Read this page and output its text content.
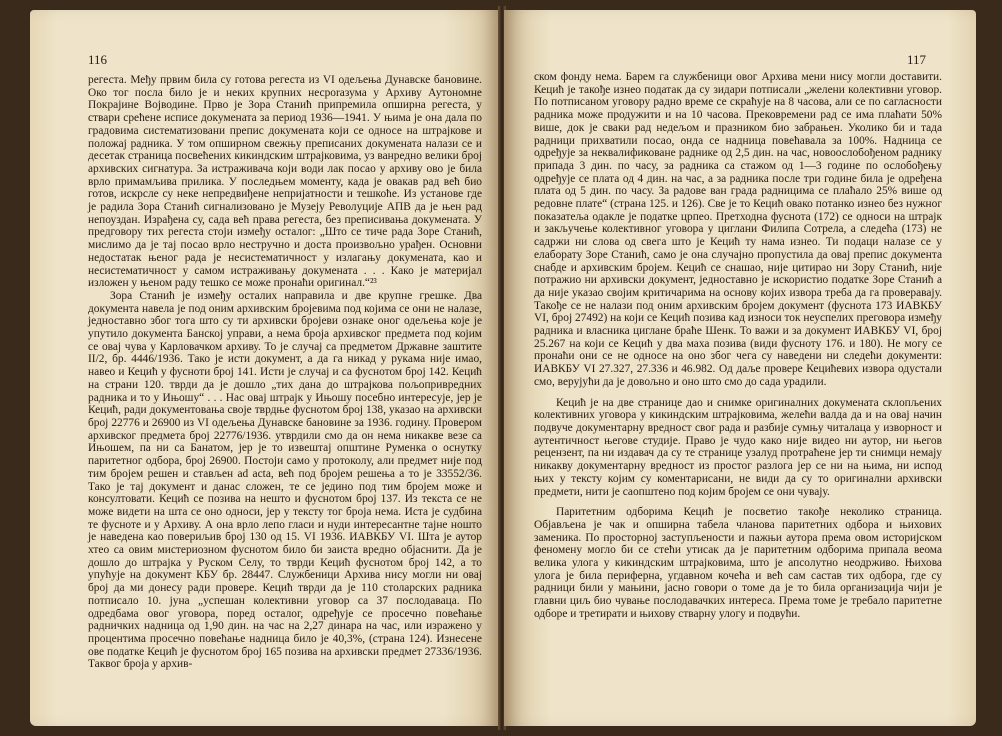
116

регеста. Међу првим била су готова регеста из VI одељења Дунавске бановине. Око тог посла било је и неких крупних несporазума у Архиву Аутономне Покрајине Војводине. Прво је Зора Станић припремила опширна регеста, у ствари срећене исписе докумената за период 1936—1941. У њима је она дала по градовима систематизовани препис докумената који се односе на штрајкове и положај радника. У том опширном свежњу преписаних докумената налази се и десетак страница посвећених кикиндским штрајковима, уз ванредно велики број архивских сигнатура. За истраживача који води лак посао у архиву ово је била врло примамљива прилика. У последњем моменту, када је овакав рад већ био готов, искрсле су неке непредвиђене неприjатности и тешкоће. Из установе где је радила Зора Станић сигнализовано је Музеју Револуције АПВ да је њен рад непоуздан. Израђена су, сада већ права регеста, без преписивања докумената. У предговору тих регеста стоји између осталог: „Што се тиче рада Зоре Станић, мислимо да је тај посао врло нестручно и доста произвољно урађен. Основни недостатак њеног рада је несистематичност у излагању докумената, као и несистематичност у самом истраживању докумената . . . Како је материјал изложен у њеном раду тешко се може пронаћи оригинал.“²³

Зора Станић је између осталих направила и две крупне грешке. Два документа навела је под оним архивским бројевима под којима се они не налазе, једноставно због тога што су ти архивски бројеви ознаке оног одељења које је упутило документа Банској управи, а нема броја архивског предмета под којим се овај чува у Карловачком архиву. То је случај са предметом Државне заштите II/2, бр. 4446/1936. Тако је исти документ, а да га никад у рукама није имао, навео и Кецић у фусноти број 141. Исти је случај и са фуснотом број 142. Кецић на страни 120. тврди да је дошло „тих дана до штрајкова пољопривредних радника и то у Ињошу“ . . . Нас овај штрајк у Ињошу посебно интересује, јер је Кецић, ради документовања своје тврдње фуснотом број 138, указао на архивски број 22776 и 26900 из VI одељења Дунавске бановине за 1936. годину. Провером архивског предмета број 22776/1936. утврдили смо да он нема никакве везе са Ињошем, па ни са Банатом, јер је то извештај општине Руменка о оснутку паритетног одбора, број 26900. Постоји само у протоколу, али предмет није под тим бројем решен и стављен ad acta, већ под бројем решења а то је 33552/36. Тако је тај документ и данас сложен, те се једино под тим бројем може и консултовати. Кецић се позива на нешто и фуснотом број 137. Из текста се не може видети на шта се оно односи, јер у тексту тог броја нема. Иста је судбина те фусноте и у Архиву. А она врло лепо гласи и нуди интересантне тајне ношто је наведена као повериљив број 130 од 15. VI 1936. ИАВКБУ VI. Шта је аутор хтео са овим мистериозном фуснотом било би заиста вредно објаснити. Да је дошло до штрајка у Руском Селу, то тврди Кецић фуснотом број 142, а то упућује на документ КБУ бр. 28447. Службеници Архива нису могли ни овај број да ми донесу ради провере. Кецић тврди да је 110 столарских радника потписало 10. јуна „успешан колективни уговор са 37 послодаваца. По одредбама овог уговора, поред осталог, одређује се просечно повећање радничких надница од 1,90 дин. на час на 2,27 динара на час, или изражено у процентима просечно повећање надница било је 40,3%, (страна 124). Изнесене ове податке Кецић је фуснотом број 165 позива на архивски предмет 27336/1936. Таквог броја у архив-

117

ском фонду нема. Барем га службеници овог Архива мени нису могли доставити. Кецић је такође изнео податак да су зидари потписали „желени колективни уговор. По потписаном уговору радно време се скраћује на 8 часова, али се по сагласности радника може продужити и на 10 часова. Прековремени рад се има плаћати 50% више, док је сваки рад недељом и празником био забрањен. Уколико би и тада радници прихватили посао, онда се надница повећавала за 100%. Надница се одређује за неквалификоване раднике од 2,5 дин. на час, новоослобођеном раднику припада 3 дин. по часу, за радника са стажом од 1—3 године по ослобођењу одређује се плата од 4 дин. на час, а за радника после три године била је одређена плата од 5 дин. по часу. За радове ван града радницима се плаћало 25% више од редовне плате“ (страна 125. и 126). Све је то Кецић овако потанко изнео без нужног показатеља одакле је податке црпео. Претходна фуснота (172) се односи на штрајк и закључење колективног уговора у циглани Филипа Сотрела, а следећа (173) не садржи ни слова од свега што је Кецић ту нама изнео. Ти подаци налазе се у елаборату Зоре Станић, само је она случајно пропустила да овај препис документа снабде и архивским бројем. Кецић се снашао, није цитирао ни Зору Станић, није потражио ни архивски документ, једноставно је искористио податке Зоре Станић а да није указао својим критичарима на основу којих извора треба да га проверавају. Такође се не налази под оним архивским бројем документ (фуснота 173 ИАВКБУ VI, број 27492) на који се Кецић позива кад износи ток неуспелих преговора између радника и власника циглане браће Шенк. То важи и за документ ИАВКБУ VI, број 25.267 на који се Кецић у два маха позива (види фусноту 176. и 180). Не могу се пронаћи они се не односе на оно због чега су наведени ни следећи документи: ИАВКБУ VI 27.327, 27.336 и 46.982. Од даље провере Кецићевих извора одустали смо, верујући да је довољно и оно што смо до сада урадили.

Кецић је на две странице дао и снимке оригиналних докумената склопљених колективних уговора у кикиндским штрајковима, желећи валда да и на овај начин подвуче документарну вредност свог рада и разбије сумњу читалаца у изворност и аутентичност његове студије. Право је чудо како није видео ни аутор, ни његов рецензент, па ни издавач да су те странице узалуд протраћене јер ти снимци немају никакву документарну вредност из простог разлога јер се ни на њима, ни испод њих у тексту којим су коментарисани, не види да су то оригинални архивски предмети, нити је саопштено под којим бројем се они чувају.

Паритетним одборима Кецић је посветио такође неколико страница. Објављена је чак и опширна табела чланова паритетних одбора и њихових заменика. По просторној заступљености и пажњи аутора према овом историјском феномену могло би се стећи утисак да је паритетним одборима припала веома велика улога у кикиндским штрајковима, што је апсолутно неодрживо. Њихова улога је била периферна, угдавном кочећа и већ сам састав тих одбора, где су радници били у мањини, јасно говори о томе да је то била организација чији је главни циљ био чување послодавачких интереса. Према томе је требало паритетне одборе и третирати и њихову стварну улогу и подвући.
